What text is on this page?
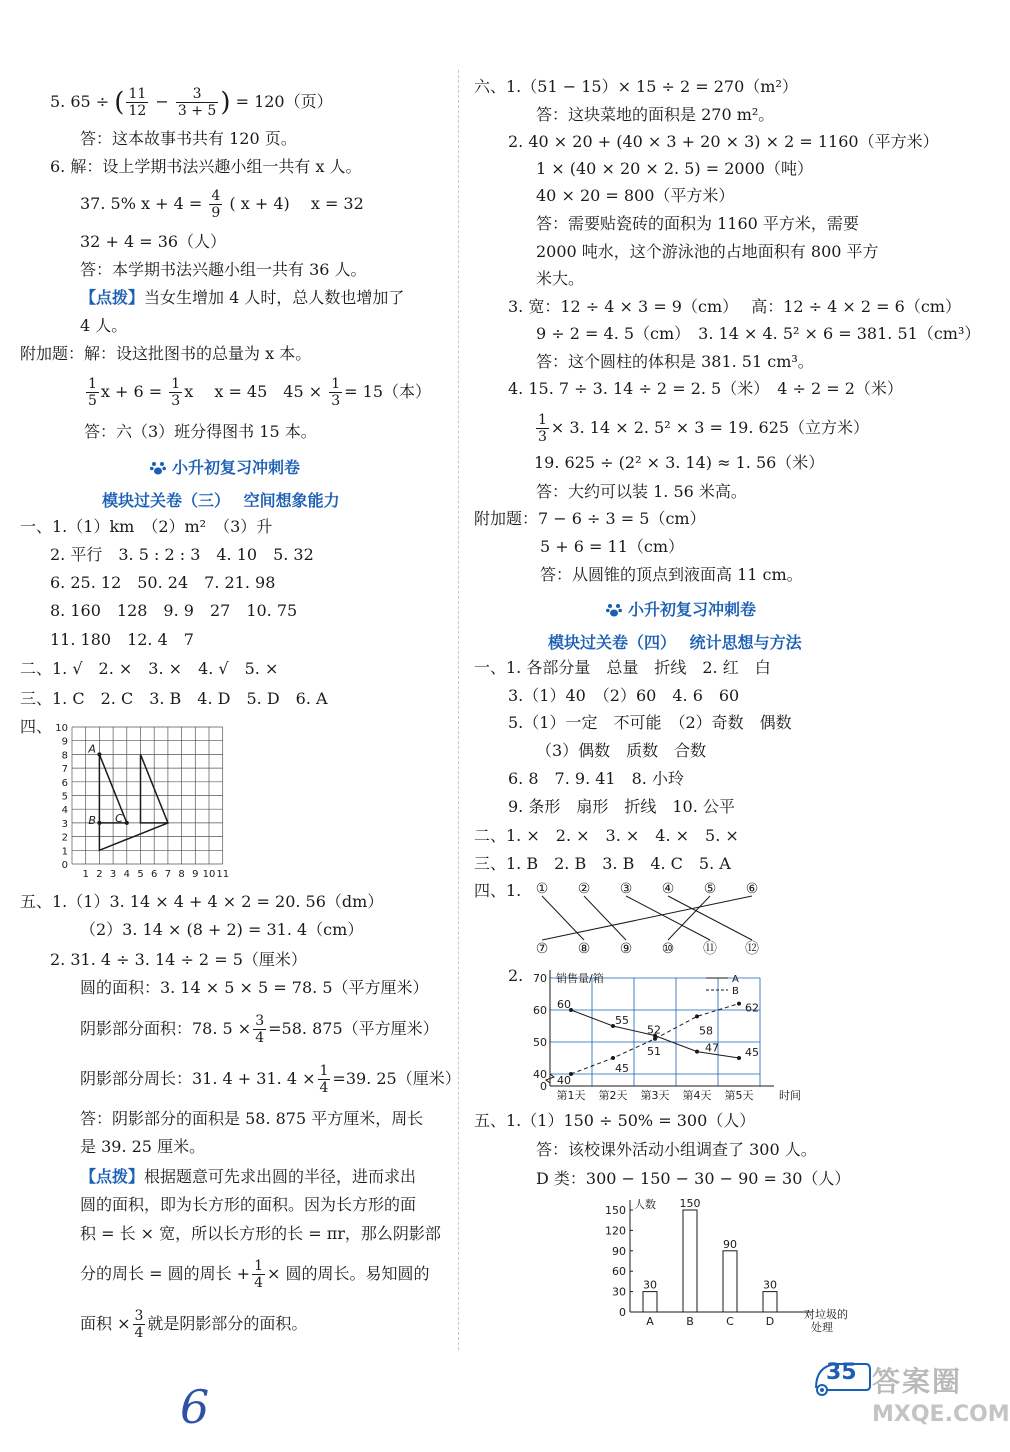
5. 65 ÷ ( $\frac{11}{12} - \frac{3}{3 + 5}$ ) = 120（页）
答：这本故事书共有 120 页。
6. 解：设上学期书法兴趣小组一共有 x 人。
37. 5% $x + 4 = \frac{4}{9}$ ( x + 4)　 x = 32
32 + 4 = 36（人）
答：本学期书法兴趣小组一共有 36 人。
【点拨】当女生增加 4 人时，总人数也增加了
4 人。
附加题：解：设这批图书的总量为 x 本。
$\frac{1}{5}$ $x + 6 = \frac{1}{3}$ x　 x = 45　$45 \times \frac{1}{3} = 15$（本）
答：六（3）班分得图书 15 本。
小升初复习冲刺卷
模块过关卷（三）　 空间想象能力
一、1.（1）km　（2）m²　（3）升
2. 平行　3. 5 : 2 : 3　4. 10　5. 32
6. 25. 12　50. 24　7. 21. 98
8. 160　128　9. 9　27　10. 75
11. 180　12. 4　7
二、1. √　2. ×　3. ×　4. √　5. ×
三、1. C　2. C　3. B　4. D　5. D　6. A
四、 10
9
8
7
6
5
4
3
2
1
0
1 2 3 4 5 6 7 8 9 10 11
A
B C
五、1.（1）3. 14 × 4 + 4 × 2 = 20. 56（dm）
（2）3. 14 × (8 + 2) = 31. 4（cm）
2. 31. 4 ÷ 3. 14 ÷ 2 = 5（厘米）
圆的面积：3. 14 × 5 × 5 = 78. 5（平方厘米）
阴影部分面积：78. $5 \times \frac{3}{4} =58$. 875（平方厘米）
阴影部分周长：31. 4 + 31. $4 \times \frac{1}{4} =39$. 25（厘米）
答：阴影部分的面积是 58. 875 平方厘米，周长
是 39. 25 厘米。
【点拨】根据题意可先求出圆的半径，进而求出
圆的面积，即为长方形的面积。因为长方形的面
积 = 长 × 宽，所以长方形的长 = πr，那么阴影部
分的周长 = 圆的周长 + $\frac{1}{4}$ × 圆的周长。易知圆的
面积 × $\frac{3}{4}$ 就是阴影部分的面积。
六、1.（51 − 15）× 15 ÷ 2 = 270（m²）
答：这块菜地的面积是 270 m²。
2. 40 × 20 + (40 × 3 + 20 × 3) × 2 = 1160（平方米）
1 × (40 × 20 × 2. 5) = 2000（吨）
40 × 20 = 800（平方米）
答：需要贴瓷砖的面积为 1160 平方米，需要
2000 吨水，这个游泳池的占地面积有 800 平方
米大。
3. 宽：12 ÷ 4 × 3 = 9（cm）　 高：12 ÷ 4 × 2 = 6（cm）
9 ÷ 2 = 4. 5（cm）　3. 14 × 4. 5² × 6 = 381. 51（cm³）
答：这个圆柱的体积是 381. 51 cm³。
4. 15. 7 ÷ 3. 14 ÷ 2 = 2. 5（米）　4 ÷ 2 = 2（米）
$\frac{1}{3} \times 3$. 14 × 2. 5² × 3 = 19. 625（立方米）
19. 625 ÷ (2² × 3. 14) ≈ 1. 56（米）
答：大约可以装 1. 56 米高。
附加题：7 − 6 ÷ 3 = 5（cm）
5 + 6 = 11（cm）
答：从圆锥的顶点到液面高 11 cm。
小升初复习冲刺卷
模块过关卷（四）　 统计思想与方法
一、1. 各部分量　总量　折线　2. 红　白
3.（1）40　（2）60　4. 6　60
5.（1）一定　不可能　（2）奇数　偶数
（3）偶数　质数　合数
6. 8　7. 9. 41　8. 小玲
9. 条形　扇形　折线　10. 公平
二、1. ×　2. ×　3. ×　4. ×　5. ×
三、1. B　2. B　3. B　4. C　5. A
四、1. ① ② ③ ④ ⑤ ⑥
⑦ ⑧ ⑨ ⑩ ⑪ ⑫
2.
0
40
50
60
70
第1天 第2天 第3天 第4天 第5天 时间
销售量/箱	A
B
60
55
52
47 45
40
45
51
58
62
五、1.（1）150 ÷ 50% = 300（人）
答：该校课外活动小组调查了 300 人。
D 类：300 − 150 − 30 − 90 = 30（人）
0
30
60
90
120
150 人数
30
A
150
B
90
C
30
D
对垃圾的
处理
35 答案圈
MXQE.COM
6
